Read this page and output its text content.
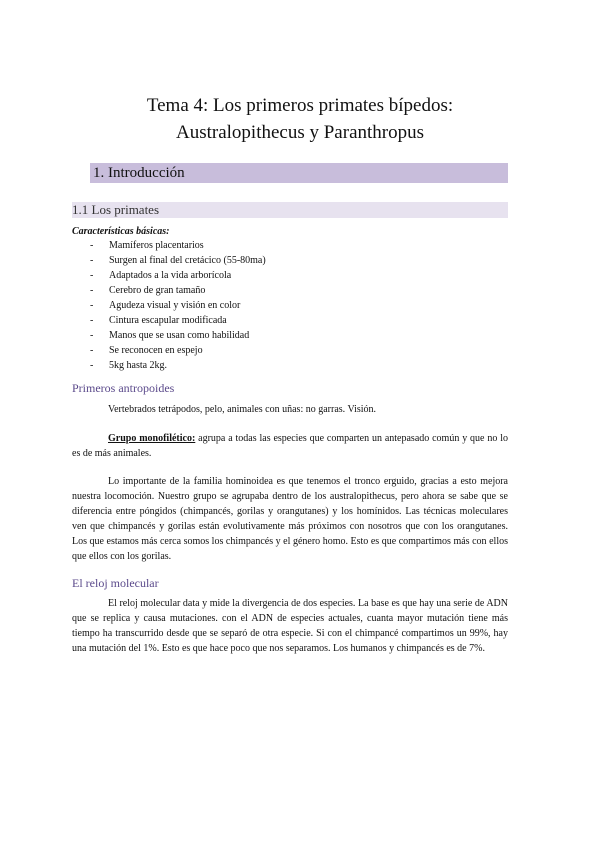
Tema 4: Los primeros primates bípedos:
Australopithecus y Paranthropus
1. Introducción
1.1 Los primates

Características básicas:

- Mamíferos placentarios
- Surgen al final del cretácico (55-80ma)
- Adaptados a la vida arborícola
- Cerebro de gran tamaño
- Agudeza visual y visión en color
- Cintura escapular modificada
- Manos que se usan como habilidad
- Se reconocen en espejo
- 5kg hasta 2kg.
Primeros antropoides

Vertebrados tetrápodos, pelo, animales con uñas: no garras. Visión.

Grupo monofilético: agrupa a todas las especies que comparten un antepasado común y que no lo es de más animales.

Lo importante de la familia hominoidea es que tenemos el tronco erguido, gracias a esto mejora nuestra locomoción. Nuestro grupo se agrupaba dentro de los australopithecus, pero ahora se sabe que se diferencia entre póngidos (chimpancés, gorilas y orangutanes) y los homínidos. Las técnicas moleculares ven que chimpancés y gorilas están evolutivamente más próximos con nosotros que con los orangutanes. Los que estamos más cerca somos los chimpancés y el género homo. Esto es que compartimos más con ellos que ellos con los gorilas.

El reloj molecular

El reloj molecular data y mide la divergencia de dos especies. La base es que hay una serie de ADN que se replica y causa mutaciones. con el ADN de especies actuales, cuanta mayor mutación tiene más tiempo ha transcurrido desde que se separó de otra especie. Si con el chimpancé compartimos un 99%, hay una mutación del 1%. Esto es que hace poco que nos separamos. Los humanos y chimpancés es de 7%.
